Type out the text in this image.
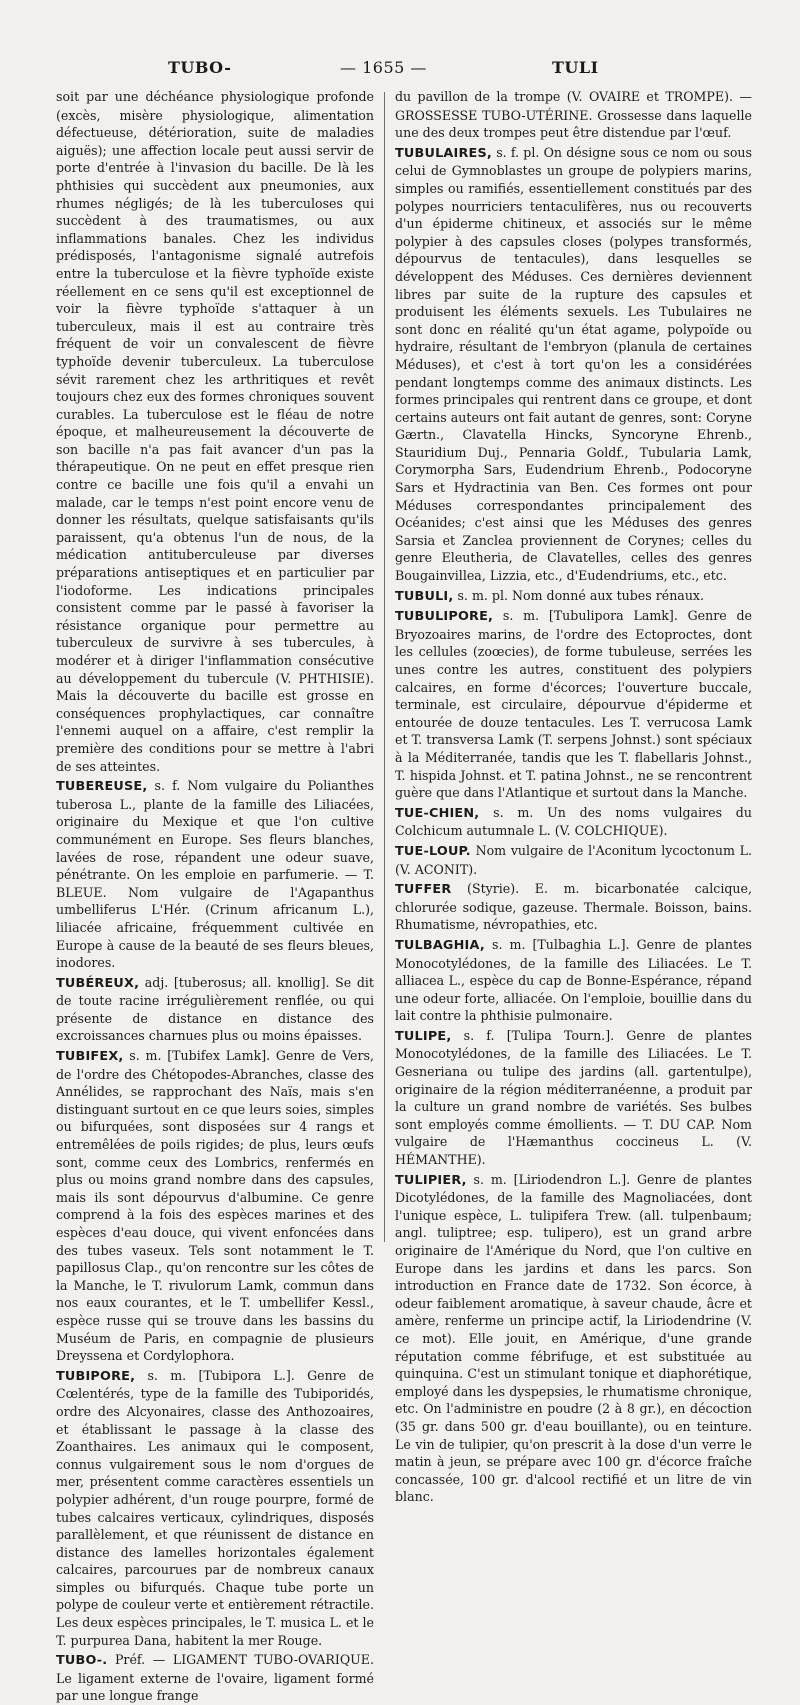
TUBO-	— 1655 —	TULI

soit par une déchéance physiologique profonde (excès, misère physiologique, alimentation défectueuse, détérioration, suite de maladies aiguës); une affection locale peut aussi servir de porte d'entrée à l'invasion du bacille. De là les phthisies qui succèdent aux pneumonies, aux rhumes négligés; de là les tuberculoses qui succèdent à des traumatismes, ou aux inflammations banales. Chez les individus prédisposés, l'antagonisme signalé autrefois entre la tuberculose et la fièvre typhoïde existe réellement en ce sens qu'il est exceptionnel de voir la fièvre typhoïde s'attaquer à un tuberculeux, mais il est au contraire très fréquent de voir un convalescent de fièvre typhoïde devenir tuberculeux. La tuberculose sévit rarement chez les arthritiques et revêt toujours chez eux des formes chroniques souvent curables. La tuberculose est le fléau de notre époque, et malheureusement la découverte de son bacille n'a pas fait avancer d'un pas la thérapeutique. On ne peut en effet presque rien contre ce bacille une fois qu'il a envahi un malade, car le temps n'est point encore venu de donner les résultats, quelque satisfaisants qu'ils paraissent, qu'a obtenus l'un de nous, de la médication antituberculeuse par diverses préparations antiseptiques et en particulier par l'iodoforme. Les indications principales consistent comme par le passé à favoriser la résistance organique pour permettre au tuberculeux de survivre à ses tubercules, à modérer et à diriger l'inflammation consécutive au développement du tubercule (V. PHTHISIE). Mais la découverte du bacille est grosse en conséquences prophylactiques, car connaître l'ennemi auquel on a affaire, c'est remplir la première des conditions pour se mettre à l'abri de ses atteintes.

TUBEREUSE, s. f. Nom vulgaire du Polianthes tuberosa L., plante de la famille des Liliacées, originaire du Mexique et que l'on cultive communément en Europe. Ses fleurs blanches, lavées de rose, répandent une odeur suave, pénétrante. On les emploie en parfumerie. — T. BLEUE. Nom vulgaire de l'Agapanthus umbelliferus L'Hér. (Crinum africanum L.), liliacée africaine, fréquemment cultivée en Europe à cause de la beauté de ses fleurs bleues, inodores.

TUBÉREUX, adj. [tuberosus; all. knollig]. Se dit de toute racine irrégulièrement renflée, ou qui présente de distance en distance des excroissances charnues plus ou moins épaisses.

TUBIFEX, s. m. [Tubifex Lamk]. Genre de Vers, de l'ordre des Chétopodes-Abranches, classe des Annélides, se rapprochant des Naïs, mais s'en distinguant surtout en ce que leurs soies, simples ou bifurquées, sont disposées sur 4 rangs et entremêlées de poils rigides; de plus, leurs œufs sont, comme ceux des Lombrics, renfermés en plus ou moins grand nombre dans des capsules, mais ils sont dépourvus d'albumine. Ce genre comprend à la fois des espèces marines et des espèces d'eau douce, qui vivent enfoncées dans des tubes vaseux. Tels sont notamment le T. papillosus Clap., qu'on rencontre sur les côtes de la Manche, le T. rivulorum Lamk, commun dans nos eaux courantes, et le T. umbellifer Kessl., espèce russe qui se trouve dans les bassins du Muséum de Paris, en compagnie de plusieurs Dreyssena et Cordylophora.

TUBIPORE, s. m. [Tubipora L.]. Genre de Cœlentérés, type de la famille des Tubiporidés, ordre des Alcyonaires, classe des Anthozoaires, et établissant le passage à la classe des Zoanthaires. Les animaux qui le composent, connus vulgairement sous le nom d'orgues de mer, présentent comme caractères essentiels un polypier adhérent, d'un rouge pourpre, formé de tubes calcaires verticaux, cylindriques, disposés parallèlement, et que réunissent de distance en distance des lamelles horizontales également calcaires, parcourues par de nombreux canaux simples ou bifurqués. Chaque tube porte un polype de couleur verte et entièrement rétractile. Les deux espèces principales, le T. musica L. et le T. purpurea Dana, habitent la mer Rouge.

TUBO-. Préf. — LIGAMENT TUBO-OVARIQUE. Le ligament externe de l'ovaire, ligament formé par une longue frange

du pavillon de la trompe (V. OVAIRE et TROMPE). — GROSSESSE TUBO-UTÉRINE. Grossesse dans laquelle une des deux trompes peut être distendue par l'œuf.

TUBULAIRES, s. f. pl. On désigne sous ce nom ou sous celui de Gymnoblastes un groupe de polypiers marins, simples ou ramifiés, essentiellement constitués par des polypes nourriciers tentaculifères, nus ou recouverts d'un épiderme chitineux, et associés sur le même polypier à des capsules closes (polypes transformés, dépourvus de tentacules), dans lesquelles se développent des Méduses. Ces dernières deviennent libres par suite de la rupture des capsules et produisent les éléments sexuels. Les Tubulaires ne sont donc en réalité qu'un état agame, polypoïde ou hydraire, résultant de l'embryon (planula de certaines Méduses), et c'est à tort qu'on les a considérées pendant longtemps comme des animaux distincts. Les formes principales qui rentrent dans ce groupe, et dont certains auteurs ont fait autant de genres, sont: Coryne Gærtn., Clavatella Hincks, Syncoryne Ehrenb., Stauridium Duj., Pennaria Goldf., Tubularia Lamk, Corymorpha Sars, Eudendrium Ehrenb., Podocoryne Sars et Hydractinia van Ben. Ces formes ont pour Méduses correspondantes principalement des Océanides; c'est ainsi que les Méduses des genres Sarsia et Zanclea proviennent de Corynes; celles du genre Eleutheria, de Clavatelles, celles des genres Bougainvillea, Lizzia, etc., d'Eudendriums, etc., etc.

TUBULI, s. m. pl. Nom donné aux tubes rénaux.

TUBULIPORE, s. m. [Tubulipora Lamk]. Genre de Bryozoaires marins, de l'ordre des Ectoproctes, dont les cellules (zoœcies), de forme tubuleuse, serrées les unes contre les autres, constituent des polypiers calcaires, en forme d'écorces; l'ouverture buccale, terminale, est circulaire, dépourvue d'épiderme et entourée de douze tentacules. Les T. verrucosa Lamk et T. transversa Lamk (T. serpens Johnst.) sont spéciaux à la Méditerranée, tandis que les T. flabellaris Johnst., T. hispida Johnst. et T. patina Johnst., ne se rencontrent guère que dans l'Atlantique et surtout dans la Manche.

TUE-CHIEN, s. m. Un des noms vulgaires du Colchicum autumnale L. (V. COLCHIQUE).

TUE-LOUP. Nom vulgaire de l'Aconitum lycoctonum L. (V. ACONIT).

TUFFER (Styrie). E. m. bicarbonatée calcique, chlorurée sodique, gazeuse. Thermale. Boisson, bains. Rhumatisme, névropathies, etc.

TULBAGHIA, s. m. [Tulbaghia L.]. Genre de plantes Monocotylédones, de la famille des Liliacées. Le T. alliacea L., espèce du cap de Bonne-Espérance, répand une odeur forte, alliacée. On l'emploie, bouillie dans du lait contre la phthisie pulmonaire.

TULIPE, s. f. [Tulipa Tourn.]. Genre de plantes Monocotylédones, de la famille des Liliacées. Le T. Gesneriana ou tulipe des jardins (all. gartentulpe), originaire de la région méditerranéenne, a produit par la culture un grand nombre de variétés. Ses bulbes sont employés comme émollients. — T. DU CAP. Nom vulgaire de l'Hæmanthus coccineus L. (V. HÉMANTHE).

TULIPIER, s. m. [Liriodendron L.]. Genre de plantes Dicotylédones, de la famille des Magnoliacées, dont l'unique espèce, L. tulipifera Trew. (all. tulpenbaum; angl. tuliptree; esp. tulipero), est un grand arbre originaire de l'Amérique du Nord, que l'on cultive en Europe dans les jardins et dans les parcs. Son introduction en France date de 1732. Son écorce, à odeur faiblement aromatique, à saveur chaude, âcre et amère, renferme un principe actif, la Liriodendrine (V. ce mot). Elle jouit, en Amérique, d'une grande réputation comme fébrifuge, et est substituée au quinquina. C'est un stimulant tonique et diaphorétique, employé dans les dyspepsies, le rhumatisme chronique, etc. On l'administre en poudre (2 à 8 gr.), en décoction (35 gr. dans 500 gr. d'eau bouillante), ou en teinture. Le vin de tulipier, qu'on prescrit à la dose d'un verre le matin à jeun, se prépare avec 100 gr. d'écorce fraîche concassée, 100 gr. d'alcool rectifié et un litre de vin blanc.
